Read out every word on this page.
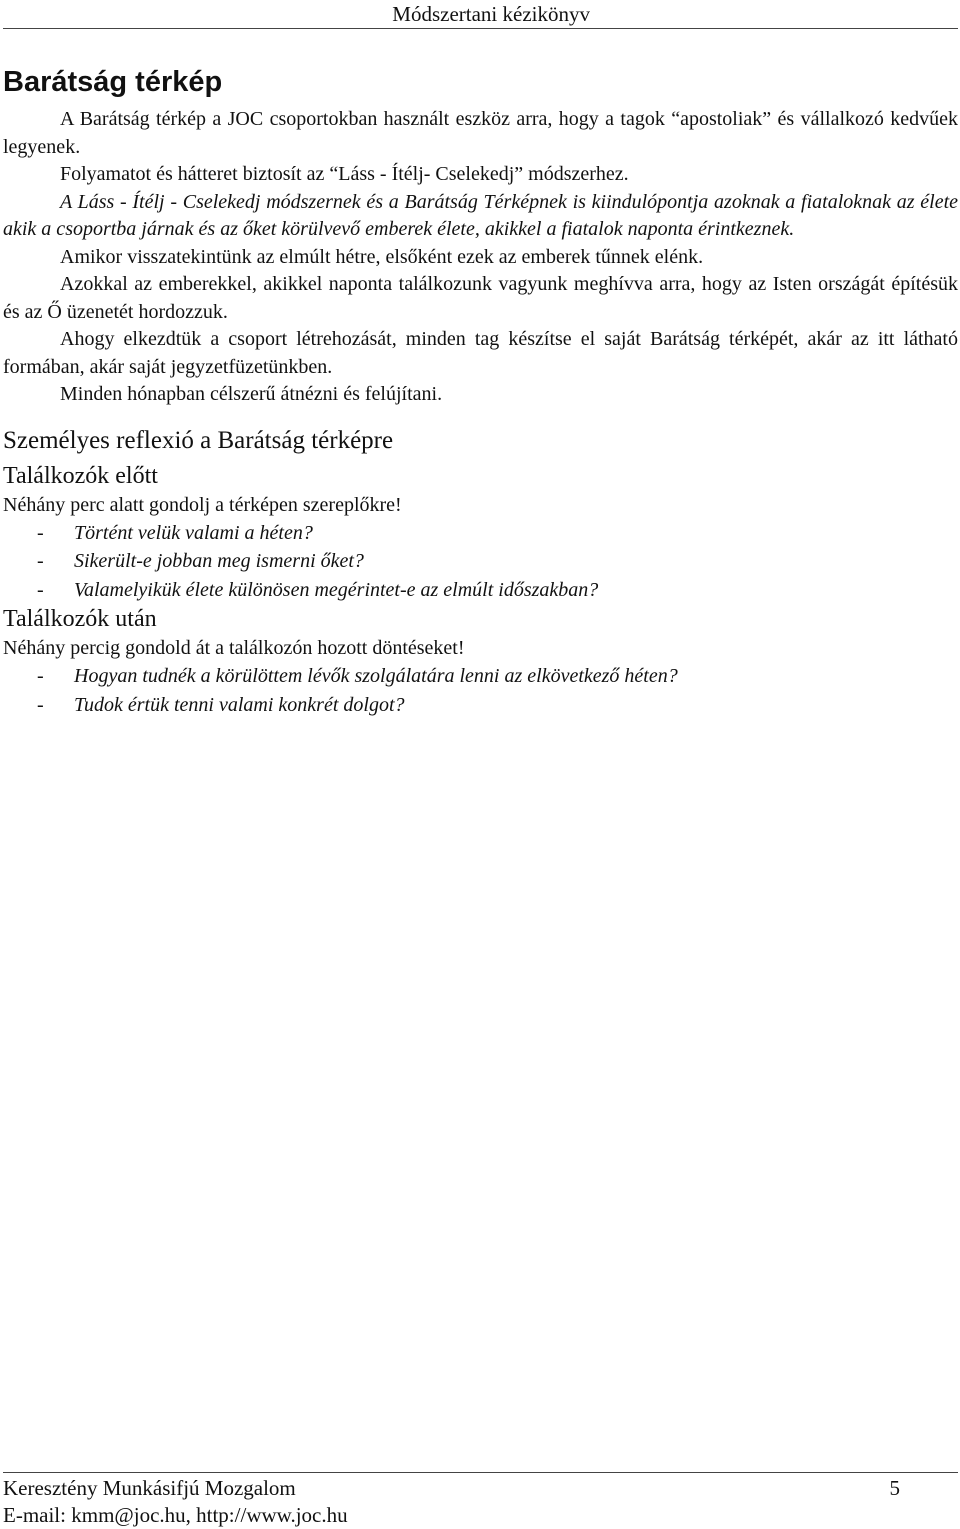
Módszertani kézikönyv
Barátság térkép

A Barátság térkép a JOC csoportokban használt eszköz arra, hogy a tagok “apostoliak” és vállalkozó kedvűek legyenek.

Folyamatot és hátteret biztosít az “Láss - Ítélj- Cselekedj” módszerhez.

A Láss - Ítélj - Cselekedj módszernek és a Barátság Térképnek is kiindulópontja azoknak a fiataloknak az élete akik a csoportba járnak és az őket körülvevő emberek élete, akikkel a fiatalok naponta érintkeznek.

Amikor visszatekintünk az elmúlt hétre, elsőként ezek az emberek tűnnek elénk.

Azokkal az emberekkel, akikkel naponta találkozunk vagyunk meghívva arra, hogy az Isten országát építésük és az Ő üzenetét hordozzuk.

Ahogy elkezdtük a csoport létrehozását, minden tag készítse el saját Barátság térképét, akár az itt látható formában, akár saját jegyzetfüzetünkben.

Minden hónapban célszerű átnézni és felújítani.

Személyes reflexió a Barátság térképre
Találkozók előtt

Néhány perc alatt gondolj a térképen szereplőkre!

- Történt velük valami a héten?
- Sikerült-e jobban meg ismerni őket?
- Valamelyikük élete különösen megérintet-e az elmúlt időszakban?
Találkozók után

Néhány percig gondold át a találkozón hozott döntéseket!

- Hogyan tudnék a körülöttem lévők szolgálatára lenni az elkövetkező héten?
- Tudok értük tenni valami konkrét dolgot?
Keresztény Munkásifjú Mozgalom	5
E-mail: kmm@joc.hu, http://www.joc.hu
